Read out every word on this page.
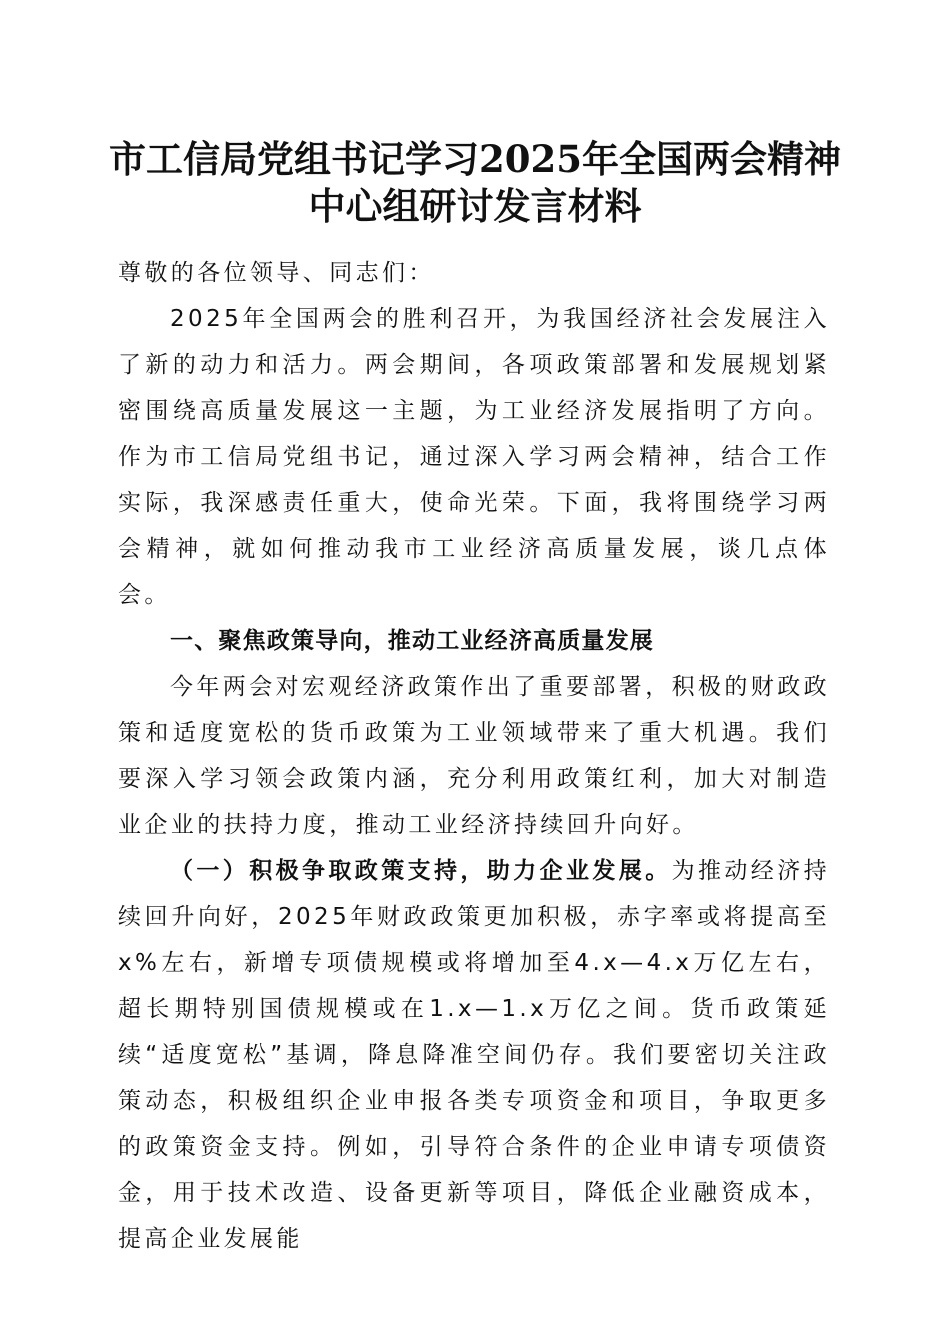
市工信局党组书记学习2025年全国两会精神
中心组研讨发言材料

尊敬的各位领导、同志们：

2025年全国两会的胜利召开，为我国经济社会发展注入了新的动力和活力。两会期间，各项政策部署和发展规划紧密围绕高质量发展这一主题，为工业经济发展指明了方向。作为市工信局党组书记，通过深入学习两会精神，结合工作实际，我深感责任重大，使命光荣。下面，我将围绕学习两会精神，就如何推动我市工业经济高质量发展，谈几点体会。

一、聚焦政策导向，推动工业经济高质量发展

今年两会对宏观经济政策作出了重要部署，积极的财政政策和适度宽松的货币政策为工业领域带来了重大机遇。我们要深入学习领会政策内涵，充分利用政策红利，加大对制造业企业的扶持力度，推动工业经济持续回升向好。

（一）积极争取政策支持，助力企业发展。为推动经济持续回升向好，2025年财政政策更加积极，赤字率或将提高至x%左右，新增专项债规模或将增加至4.x—4.x万亿左右，超长期特别国债规模或在1.x—1.x万亿之间。货币政策延续“适度宽松”基调，降息降准空间仍存。我们要密切关注政策动态，积极组织企业申报各类专项资金和项目，争取更多的政策资金支持。例如，引导符合条件的企业申请专项债资金，用于技术改造、设备更新等项目，降低企业融资成本，提高企业发展能
